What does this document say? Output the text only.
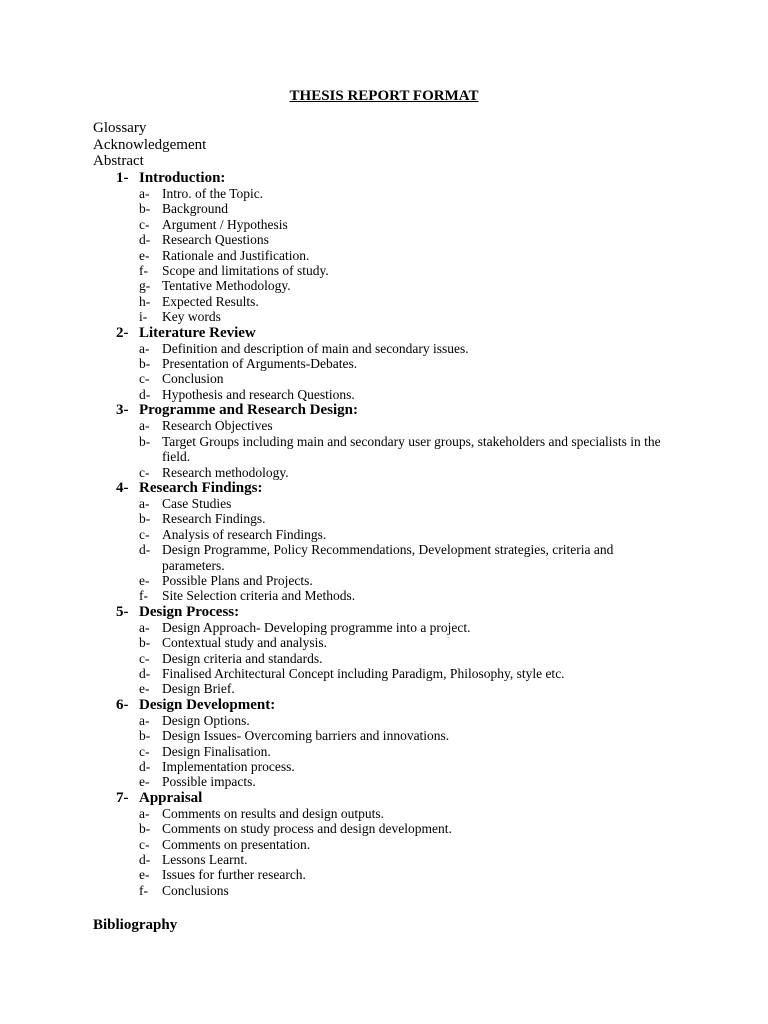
THESIS REPORT FORMAT
Glossary
Acknowledgement
Abstract
1- Introduction:
a- Intro. of the Topic.
b- Background
c- Argument / Hypothesis
d- Research Questions
e- Rationale and Justification.
f- Scope and limitations of study.
g- Tentative Methodology.
h- Expected Results.
i- Key words
2- Literature Review
a- Definition and description of main and secondary issues.
b- Presentation of Arguments-Debates.
c- Conclusion
d- Hypothesis and research Questions.
3- Programme and Research Design:
a- Research Objectives
b- Target Groups including main and secondary user groups, stakeholders and specialists in the field.
c- Research methodology.
4- Research Findings:
a- Case Studies
b- Research Findings.
c- Analysis of research Findings.
d- Design Programme, Policy Recommendations, Development strategies, criteria and parameters.
e- Possible Plans and Projects.
f- Site Selection criteria and Methods.
5- Design Process:
a- Design Approach- Developing programme into a project.
b- Contextual study and analysis.
c- Design criteria and standards.
d- Finalised Architectural Concept including Paradigm, Philosophy, style etc.
e- Design Brief.
6- Design Development:
a- Design Options.
b- Design Issues- Overcoming barriers and innovations.
c- Design Finalisation.
d- Implementation process.
e- Possible impacts.
7- Appraisal
a- Comments on results and design outputs.
b- Comments on study process and design development.
c- Comments on presentation.
d- Lessons Learnt.
e- Issues for further research.
f- Conclusions
Bibliography
